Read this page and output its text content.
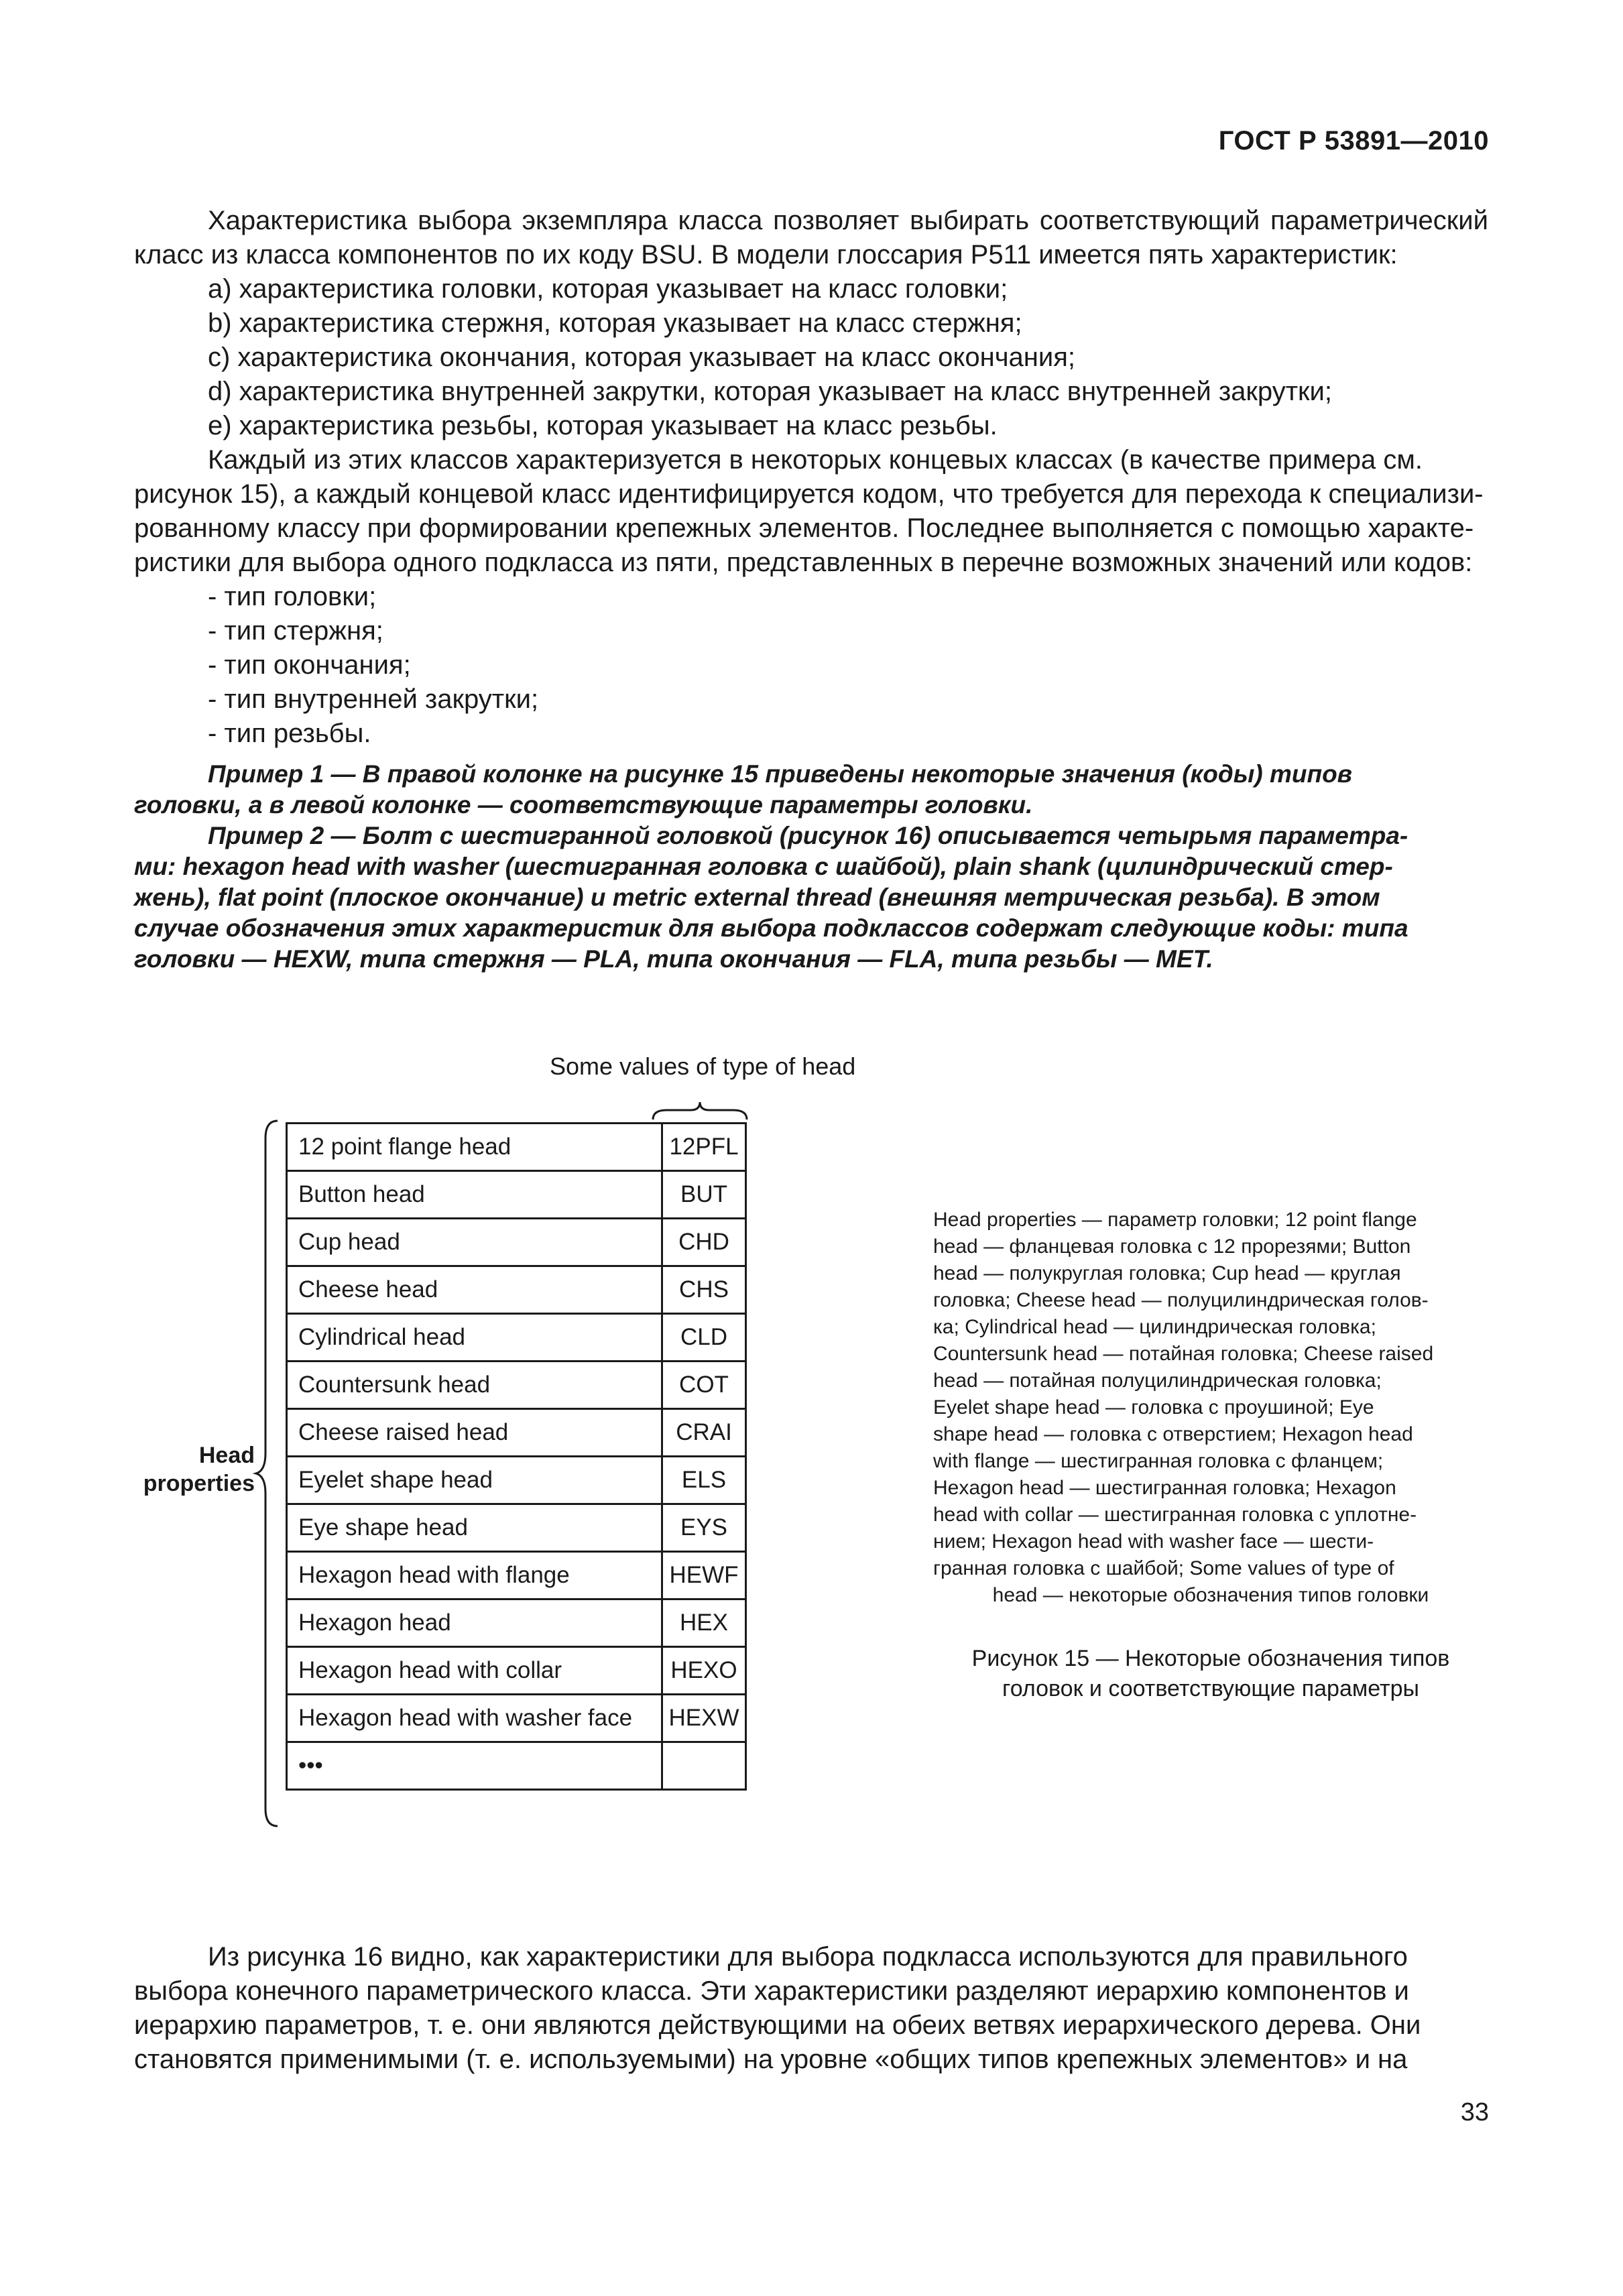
ГОСТ Р 53891—2010
Характеристика выбора экземпляра класса позволяет выбирать соответствующий параметрический
класс из класса компонентов по их коду BSU. В модели глоссария P511 имеется пять характеристик:
a) характеристика головки, которая указывает на класс головки;
b) характеристика стержня, которая указывает на класс стержня;
c) характеристика окончания, которая указывает на класс окончания;
d) характеристика внутренней закрутки, которая указывает на класс внутренней закрутки;
e) характеристика резьбы, которая указывает на класс резьбы.
Каждый из этих классов характеризуется в некоторых концевых классах (в качестве примера см.
рисунок 15), а каждый концевой класс идентифицируется кодом, что требуется для перехода к специализи-
рованному классу при формировании крепежных элементов. Последнее выполняется с помощью характе-
ристики для выбора одного подкласса из пяти, представленных в перечне возможных значений или кодов:
- тип головки;
- тип стержня;
- тип окончания;
- тип внутренней закрутки;
- тип резьбы.
Пример 1 — В правой колонке на рисунке 15 приведены некоторые значения (коды) типов
головки, а в левой колонке — соответствующие параметры головки.
Пример 2 — Болт с шестигранной головкой (рисунок 16) описывается четырьмя параметра-
ми: hexagon head with washer (шестигранная головка с шайбой), plain shank (цилиндрический стер-
жень), flat point (плоское окончание) и metric external thread (внешняя метрическая резьба). В этом
случае обозначения этих характеристик для выбора подклассов содержат следующие коды: типа
головки — HEXW, типа стержня — PLA, типа окончания — FLA, типа резьбы — MET.
Some values of type of head
Head
properties
12 point flange head	12PFL
Button head	BUT
Cup head	CHD
Cheese head	CHS
Cylindrical head	CLD
Countersunk head	COT
Cheese raised head	CRAI
Eyelet shape head	ELS
Eye shape head	EYS
Hexagon head with flange	HEWF
Hexagon head	HEX
Hexagon head with collar	HEXO
Hexagon head with washer face	HEXW
•••	
Head properties — параметр головки; 12 point flange
head — фланцевая головка с 12 прорезями; Button
head — полукруглая головка; Cup head — круглая
головка; Cheese head — полуцилиндрическая голов-
ка; Cylindrical head — цилиндрическая головка;
Countersunk head — потайная головка; Cheese raised
head — потайная полуцилиндрическая головка;
Eyelet shape head — головка с проушиной; Eye
shape head — головка с отверстием; Hexagon head
with flange — шестигранная головка с фланцем;
Hexagon head — шестигранная головка; Hexagon
head with collar — шестигранная головка с уплотне-
нием; Hexagon head with washer face — шести-
гранная головка с шайбой; Some values of type of
head — некоторые обозначения типов головки
Рисунок 15 — Некоторые обозначения типов
головок и соответствующие параметры
Из рисунка 16 видно, как характеристики для выбора подкласса используются для правильного
выбора конечного параметрического класса. Эти характеристики разделяют иерархию компонентов и
иерархию параметров, т. е. они являются действующими на обеих ветвях иерархического дерева. Они
становятся применимыми (т. е. используемыми) на уровне «общих типов крепежных элементов» и на
33
